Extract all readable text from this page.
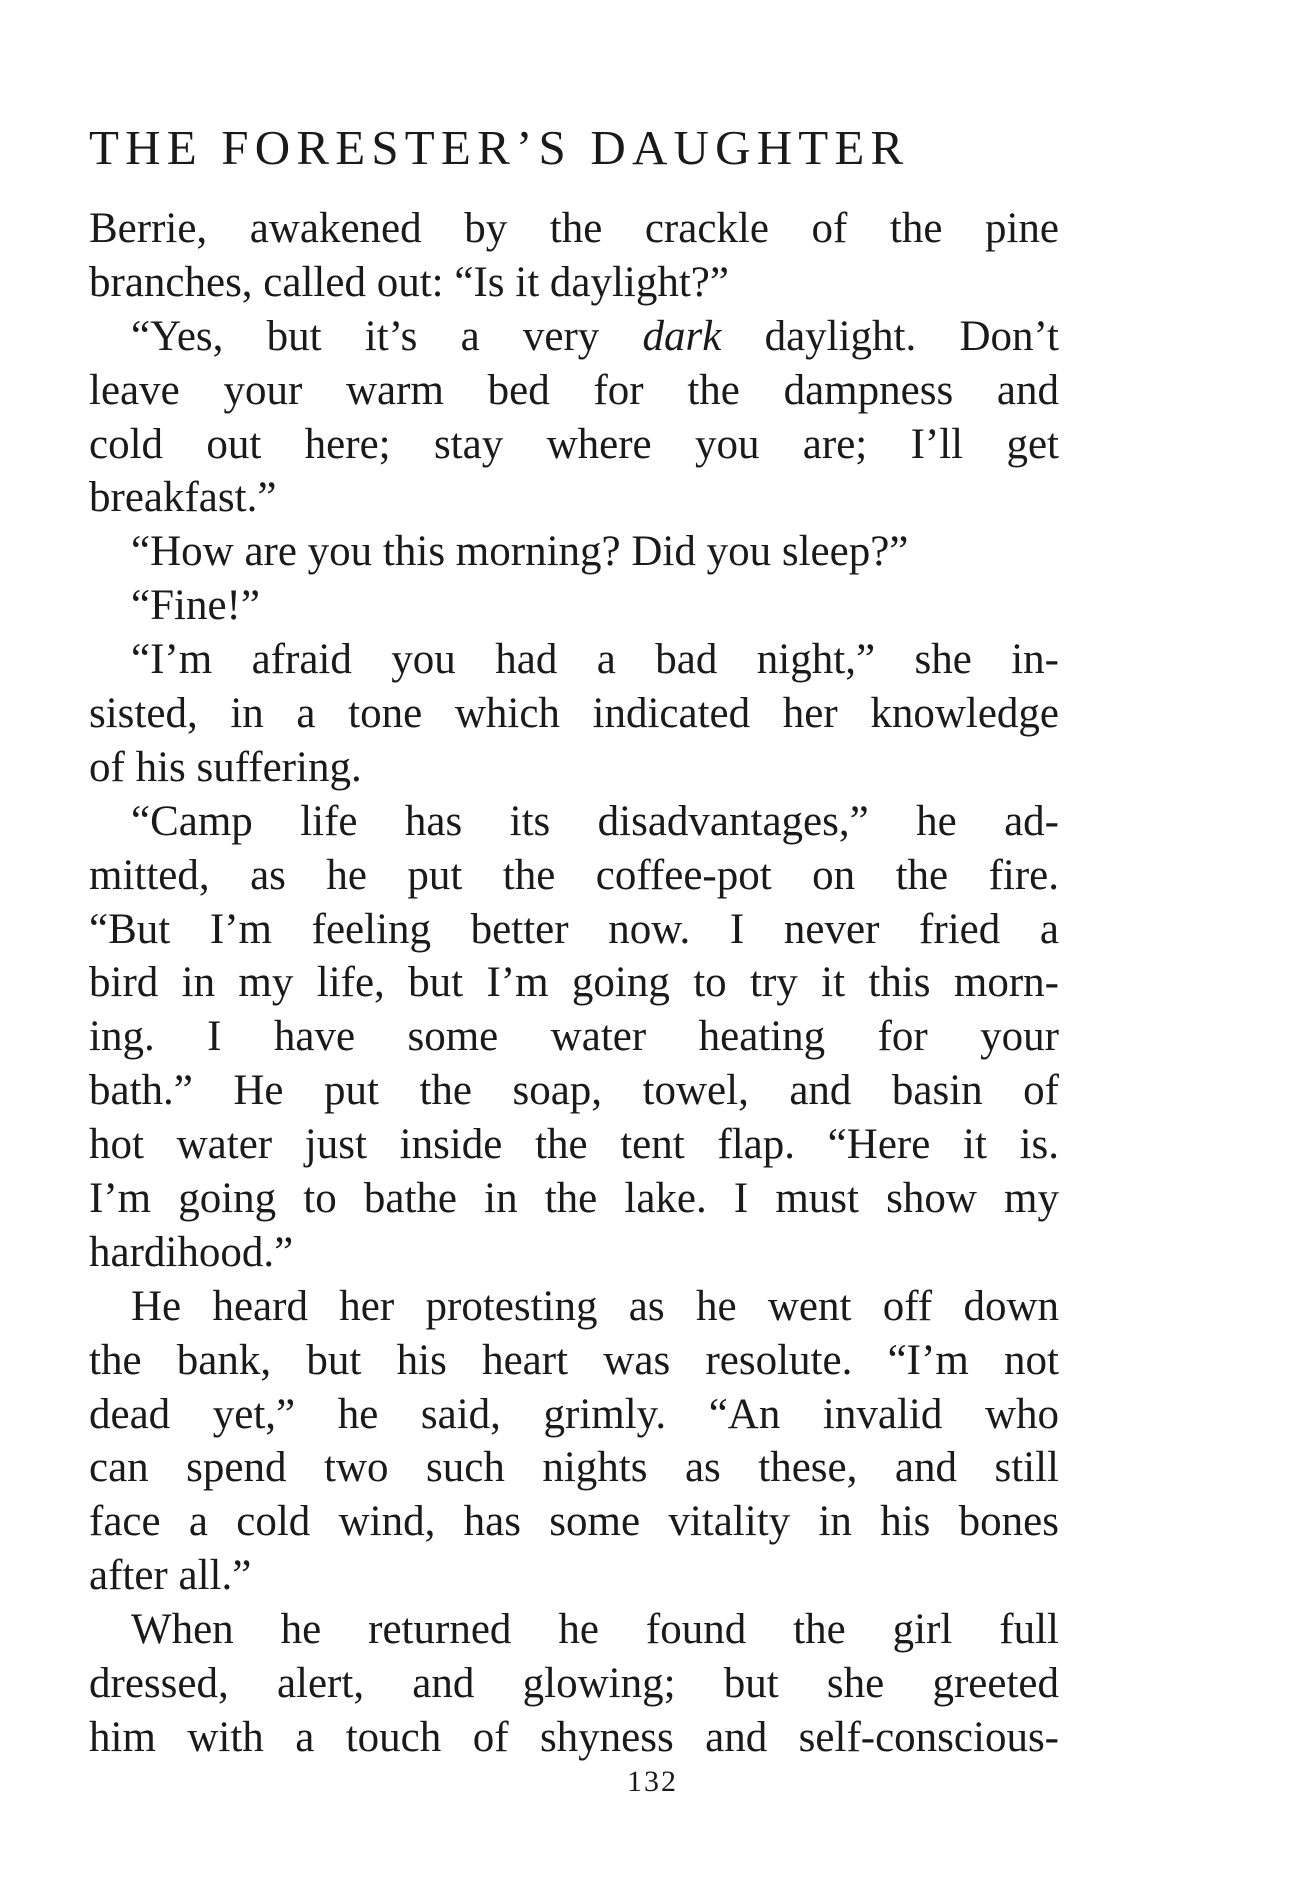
THE FORESTER’S DAUGHTER
Berrie, awakened by the crackle of the pine
branches, called out: “Is it daylight?”
“Yes, but it’s a very dark daylight. Don’t
leave your warm bed for the dampness and
cold out here; stay where you are; I’ll get
breakfast.”
“How are you this morning? Did you sleep?”
“Fine!”
“I’m afraid you had a bad night,” she in-
sisted, in a tone which indicated her knowledge
of his suffering.
“Camp life has its disadvantages,” he ad-
mitted, as he put the coffee-pot on the fire.
“But I’m feeling better now. I never fried a
bird in my life, but I’m going to try it this morn-
ing. I have some water heating for your
bath.” He put the soap, towel, and basin of
hot water just inside the tent flap. “Here it is.
I’m going to bathe in the lake. I must show my
hardihood.”
He heard her protesting as he went off down
the bank, but his heart was resolute. “I’m not
dead yet,” he said, grimly. “An invalid who
can spend two such nights as these, and still
face a cold wind, has some vitality in his bones
after all.”
When he returned he found the girl full
dressed, alert, and glowing; but she greeted
him with a touch of shyness and self-conscious-
132
